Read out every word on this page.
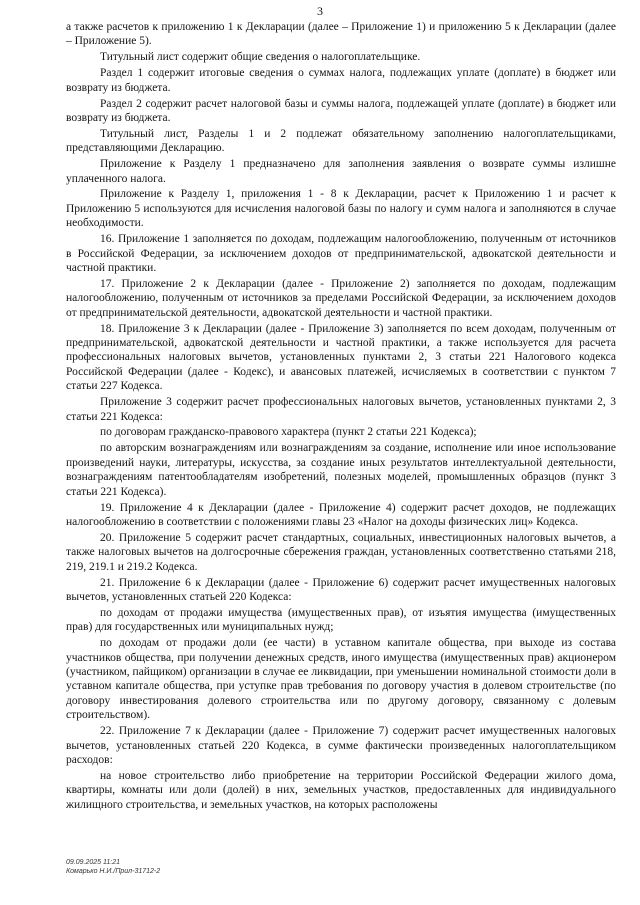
3

а также расчетов к приложению 1 к Декларации (далее – Приложение 1) и приложению 5 к Декларации (далее – Приложение 5).

Титульный лист содержит общие сведения о налогоплательщике.

Раздел 1 содержит итоговые сведения о суммах налога, подлежащих уплате (доплате) в бюджет или возврату из бюджета.

Раздел 2 содержит расчет налоговой базы и суммы налога, подлежащей уплате (доплате) в бюджет или возврату из бюджета.

Титульный лист, Разделы 1 и 2 подлежат обязательному заполнению налогоплательщиками, представляющими Декларацию.

Приложение к Разделу 1 предназначено для заполнения заявления о возврате суммы излишне уплаченного налога.

Приложение к Разделу 1, приложения 1 - 8 к Декларации, расчет к Приложению 1 и расчет к Приложению 5 используются для исчисления налоговой базы по налогу и сумм налога и заполняются в случае необходимости.

16. Приложение 1 заполняется по доходам, подлежащим налогообложению, полученным от источников в Российской Федерации, за исключением доходов от предпринимательской, адвокатской деятельности и частной практики.

17. Приложение 2 к Декларации (далее - Приложение 2) заполняется по доходам, подлежащим налогообложению, полученным от источников за пределами Российской Федерации, за исключением доходов от предпринимательской деятельности, адвокатской деятельности и частной практики.

18. Приложение 3 к Декларации (далее - Приложение 3) заполняется по всем доходам, полученным от предпринимательской, адвокатской деятельности и частной практики, а также используется для расчета профессиональных налоговых вычетов, установленных пунктами 2, 3 статьи 221 Налогового кодекса Российской Федерации (далее - Кодекс), и авансовых платежей, исчисляемых в соответствии с пунктом 7 статьи 227 Кодекса.

Приложение 3 содержит расчет профессиональных налоговых вычетов, установленных пунктами 2, 3 статьи 221 Кодекса:

по договорам гражданско-правового характера (пункт 2 статьи 221 Кодекса);

по авторским вознаграждениям или вознаграждениям за создание, исполнение или иное использование произведений науки, литературы, искусства, за создание иных результатов интеллектуальной деятельности, вознаграждениям патентообладателям изобретений, полезных моделей, промышленных образцов (пункт 3 статьи 221 Кодекса).

19. Приложение 4 к Декларации (далее - Приложение 4) содержит расчет доходов, не подлежащих налогообложению в соответствии с положениями главы 23 «Налог на доходы физических лиц» Кодекса.

20. Приложение 5 содержит расчет стандартных, социальных, инвестиционных налоговых вычетов, а также налоговых вычетов на долгосрочные сбережения граждан, установленных соответственно статьями 218, 219, 219.1 и 219.2 Кодекса.

21. Приложение 6 к Декларации (далее - Приложение 6) содержит расчет имущественных налоговых вычетов, установленных статьей 220 Кодекса:

по доходам от продажи имущества (имущественных прав), от изъятия имущества (имущественных прав) для государственных или муниципальных нужд;

по доходам от продажи доли (ее части) в уставном капитале общества, при выходе из состава участников общества, при получении денежных средств, иного имущества (имущественных прав) акционером (участником, пайщиком) организации в случае ее ликвидации, при уменьшении номинальной стоимости доли в уставном капитале общества, при уступке прав требования по договору участия в долевом строительстве (по договору инвестирования долевого строительства или по другому договору, связанному с долевым строительством).

22. Приложение 7 к Декларации (далее - Приложение 7) содержит расчет имущественных налоговых вычетов, установленных статьей 220 Кодекса, в сумме фактически произведенных налогоплательщиком расходов:

на новое строительство либо приобретение на территории Российской Федерации жилого дома, квартиры, комнаты или доли (долей) в них, земельных участков, предоставленных для индивидуального жилищного строительства, и земельных участков, на которых расположены

09.09.2025 11:21
Комарько Н.И./Прил-31712-2
